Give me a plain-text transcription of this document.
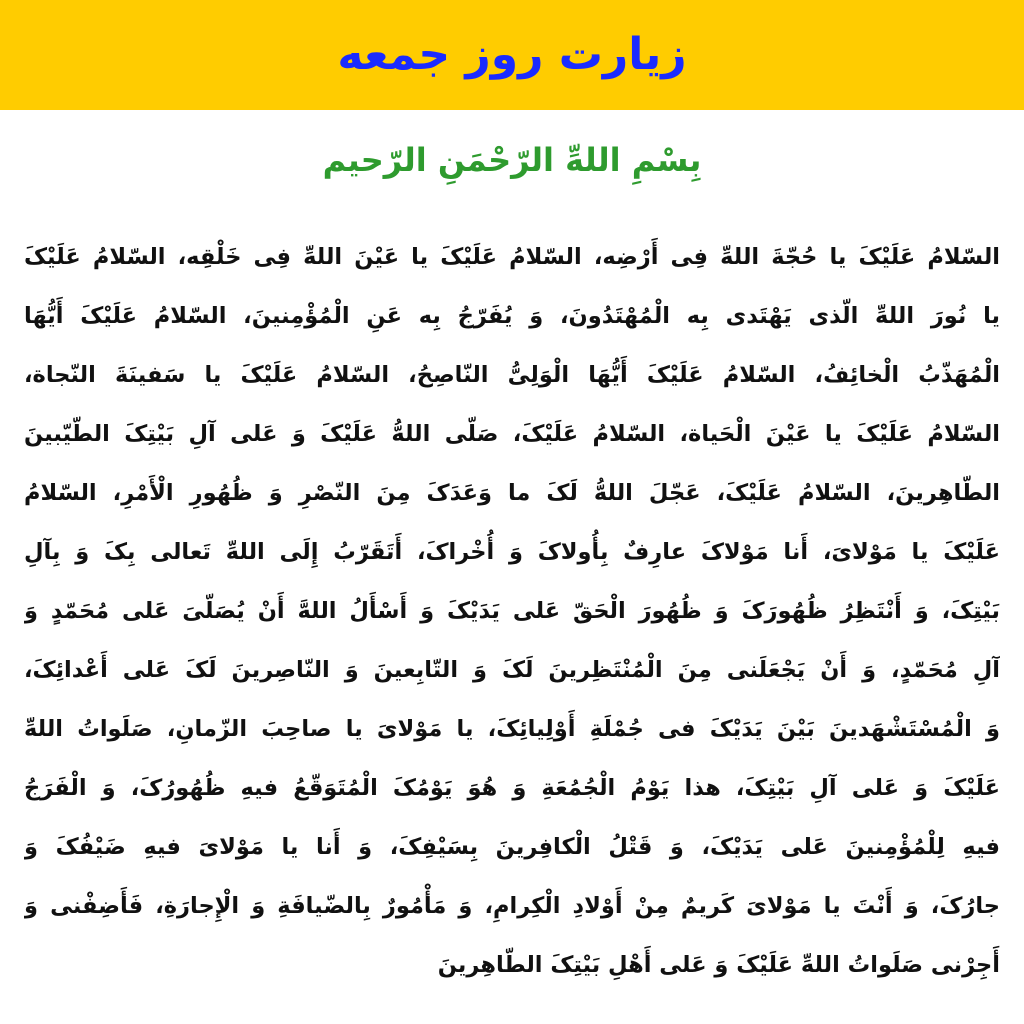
زیارت روز جمعه
بِسْمِ اللهِّ الرّحْمَنِ الرّحیم
السّلامُ عَلَیْکَ یا حُجّةَ اللهِّ فِی أَرْضِه، السّلامُ عَلَیْکَ یا عَیْنَ اللهِّ فِی خَلْقِه، السّلامُ عَلَیْکَ
یا نُورَ اللهِّ الّذی یَهْتَدی بِه الْمُهْتَدُونَ، وَ یُفَرّجُ بِه عَنِ الْمُؤْمِنینَ، السّلامُ عَلَیْکَ أَیُّهَا
الْمُهَذّبُ الْخائِفُ، السّلامُ عَلَیْکَ أَیُّهَا الْوَلِیُّ النّاصِحُ، السّلامُ عَلَیْکَ یا سَفینَةَ النّجاة،
السّلامُ عَلَیْکَ یا عَیْنَ الْحَیاة، السّلامُ عَلَیْکَ، صَلّی اللهُّ عَلَیْکَ وَ عَلی آلِ بَیْتِکَ الطّیّبینَ
الطّاهِرینَ، السّلامُ عَلَیْکَ، عَجّلَ اللهُّ لَکَ ما وَعَدَکَ مِنَ النّصْرِ وَ ظُهُورِ الْأَمْرِ، السّلامُ
عَلَیْکَ یا مَوْلایَ، أَنا مَوْلاکَ عارِفٌ بِأُولاکَ وَ أُخْراکَ، أَتَقَرّبُ إِلَی اللهِّ تَعالی بِکَ وَ بِآلِ
بَیْتِکَ، وَ أَنْتَظِرُ ظُهُورَکَ وَ ظُهُورَ الْحَقّ عَلی یَدَیْکَ وَ أَسْأَلُ اللهَّ أَنْ یُصَلّیَ عَلی مُحَمّدٍ وَ
آلِ مُحَمّدٍ، وَ أَنْ یَجْعَلَنی مِنَ الْمُنْتَظِرینَ لَکَ وَ التّابِعینَ وَ النّاصِرینَ لَکَ عَلی أَعْدائِکَ،
وَ الْمُسْتَشْهَدینَ بَیْنَ یَدَیْکَ فی جُمْلَةِ أَوْلِیائِکَ، یا مَوْلایَ یا صاحِبَ الزّمانِ، صَلَواتُ اللهِّ
عَلَیْکَ وَ عَلی آلِ بَیْتِکَ، هذا یَوْمُ الْجُمُعَةِ وَ هُوَ یَوْمُکَ الْمُتَوَقّعُ فیهِ ظُهُورُکَ، وَ الْفَرَجُ
فیهِ لِلْمُؤْمِنینَ عَلی یَدَیْکَ، وَ قَتْلُ الْکافِرینَ بِسَیْفِکَ، وَ أَنا یا مَوْلایَ فیهِ ضَیْفُکَ وَ
جارُکَ، وَ أَنْتَ یا مَوْلایَ کَریمٌ مِنْ أَوْلادِ الْکِرامِ، وَ مَأْمُورٌ بِالضّیافَةِ وَ الْإِجارَةِ، فَأَضِفْنی وَ
أَجِرْنی صَلَواتُ اللهِّ عَلَیْکَ وَ عَلی أَهْلِ بَیْتِکَ الطّاهِرینَ
